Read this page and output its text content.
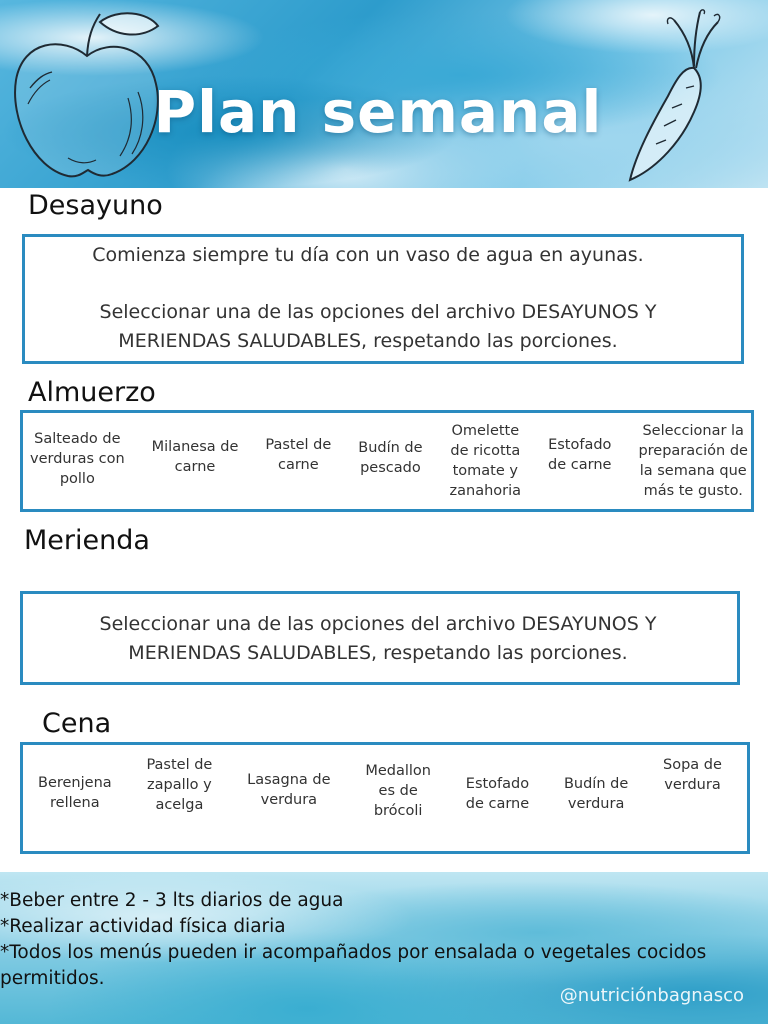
Plan semanal
Desayuno

Comienza siempre tu día con un vaso de agua en ayunas.

Seleccionar una de las opciones del archivo DESAYUNOS Y

MERIENDAS SALUDABLES, respetando las porciones.

Almuerzo
Salteado de
verduras con
pollo
Milanesa de
carne
Pastel de
carne
Budín de
pescado
Omelette
de ricotta
tomate y
zanahoria
Estofado
de carne
Seleccionar la
preparación de
la semana que
más te gusto.
Merienda

Seleccionar una de las opciones del archivo DESAYUNOS Y

MERIENDAS SALUDABLES, respetando las porciones.

Cena
Berenjena
rellena
Pastel de
zapallo y
acelga
Lasagna de
verdura
Medallon
es de
brócoli
Estofado
de carne
Budín de
verdura
Sopa de
verdura
*Beber entre 2 - 3 lts diarios de agua
*Realizar actividad física diaria
*Todos los menús pueden ir acompañados por ensalada o vegetales cocidos
permitidos.
@nutriciónbagnasco
